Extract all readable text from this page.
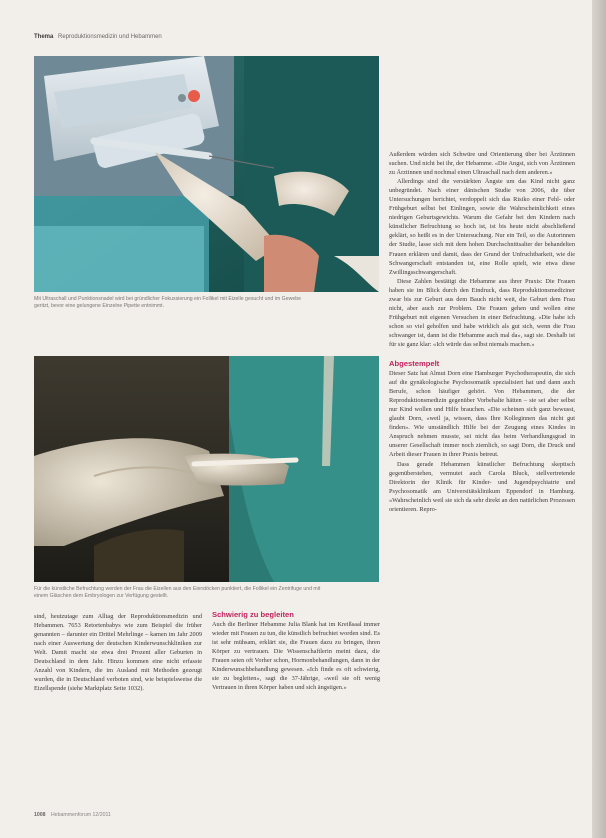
Thema Reproduktionsmedizin und Hebammen
Mit Ultraschall und Punktionsnadel wird bei gründlicher Fokussierung ein Follikel mit Eizelle gesucht und im Gewebe geritzt, bevor eine gelungene Einzelne Pipette entnimmt.
Für die künstliche Befruchtung werden der Frau die Eizellen aus den Eierstöcken punktiert, die Follikel ein Zentrifuge und mit einem Gläschen dem Embryologen zur Verfügung gestellt.

Außerdem würden sich Schwüre und Orientierung über bei Ärztinnen suchen. Und nicht bei ihr, der Hebamme. «Die Angst, sich von Ärztinnen zu Ärztinnen und nochmal einen Ultraschall nach dem anderen.»

Allerdings sind die verstärkten Ängste um das Kind nicht ganz unbegründet. Nach einer dänischen Studie von 2006, die über Untersuchungen berichtet, verdoppelt sich das Risiko einer Fehl- oder Frühgeburt selbst bei Einlingen, sowie die Wahrscheinlichkeit eines niedrigen Geburtsgewichts. Warum die Gefahr bei den Kindern nach künstlicher Befruchtung so hoch ist, ist bis heute nicht abschließend geklärt, so heißt es in der Untersuchung. Nur ein Teil, so die Autorinnen der Studie, lasse sich mit dem hohen Durchschnittsalter der behandelten Frauen erklären und damit, dass der Grund der Unfruchtbarkeit, wie die Schwangerschaft entstanden ist, eine Rolle spielt, wie etwa diese Zwillingsschwangerschaft.

Diese Zahlen bestätigt die Hebamme aus ihrer Praxis: Die Frauen haben sie im Blick durch den Eindruck, dass Reproduktionsmediziner zwar bis zur Geburt aus dem Bauch nicht weit, die Geburt dem Frau nicht, aber auch zur Problem. Die Frauen gehen und wollen eine Frühgeburt mit eigenen Versuchen in einer Befruchtung. «Die habe ich schon so viel geholfen und habe wirklich als gut sich, wenn die Frau schwanger ist, dann ist die Hebamme auch mal da», sagt sie. Deshalb ist für sie ganz klar: «Ich würde das selbst niemals machen.»

Abgestempelt

Dieser Satz hat Almut Dorn eine Hamburger Psychotherapeutin, die sich auf die gynäkologische Psychosomatik spezialisiert hat und dann auch Berufe, schon häufiger gehört. Von Hebammen, die der Reproduktionsmedizin gegenüber Vorbehalte hätten – sie sei aber selbst nur Kind wollen und Hilfe brauchen. «Die scheinen sich ganz bewusst, glaubt Dorn, «weil ja, wissen, dass Ihre Kolleginnen das nicht gut finden». Wie umständlich Hilfe bei der Zeugung eines Kindes in Anspruch nehmen musste, sei nicht das beim Verhandlungsgrad in unserer Gesellschaft immer noch ziemlich, so sagt Dorn, die Druck und Arbeit dieser Frauen in ihrer Praxis betreut.

Dass gerade Hebammen künstlicher Befruchtung skeptisch gegenüberstehen, vermutet auch Carola Bluck, stellvertretende Direktorin der Klinik für Kinder- und Jugendpsychiatrie und Psychosomatik am Universitätsklinikum Eppendorf in Hamburg. «Wahrscheinlich weil sie sich da sehr direkt an den natürlichen Prozessen orientieren. Repro-

sind, heutzutage zum Alltag der Reproduktionsmedizin und Hebammen. 7653 Retortenbabys wie zum Beispiel die früher genannten – darunter ein Drittel Mehrlinge – kamen im Jahr 2009 nach einer Auswertung der deutschen Kinderwunschkliniken zur Welt. Damit macht sie etwa drei Prozent aller Geburten in Deutschland in dem Jahr. Hinzu kommen eine nicht erfasste Anzahl von Kindern, die im Ausland mit Methoden gezeugt wurden, die in Deutschland verboten sind, wie beispielsweise die Eizellspende (siehe Marktplatz Seite 1032).

Schwierig zu begleiten

Auch die Berliner Hebamme Julia Blank hat im Kreißsaal immer wieder mit Frauen zu tun, die künstlich befruchtet worden sind. Es ist sehr mühsam, erklärt sie, die Frauen dazu zu bringen, ihren Körper zu vertrauen. Die Wissenschaftlerin meint dazu, die Frauen seien oft Vorher schon, Hormonbehandlungen, dann in der Kinderwunschbehandlung gewesen. «Ich finde es oft schwierig, sie zu begleiten», sagt die 37-Jährige, «weil sie oft wenig Vertrauen in ihren Körper haben und sich ängstigen.»

1008 Hebammenforum 12/2011
